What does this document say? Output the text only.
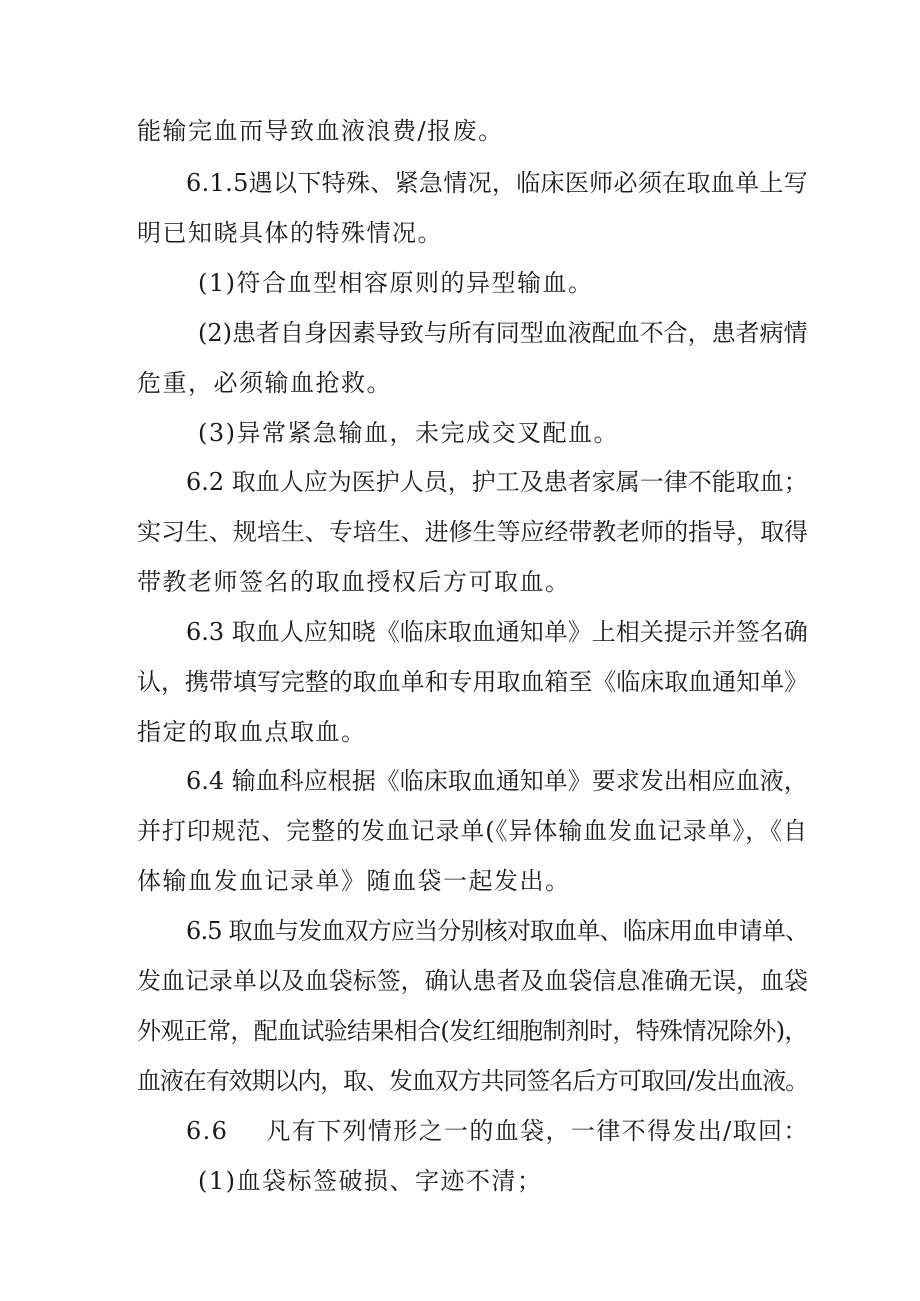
能输完血而导致血液浪费/报废。
6.1.5遇以下特殊、紧急情况，临床医师必须在取血单上写
明已知晓具体的特殊情况。
(1)符合血型相容原则的异型输血。
(2)患者自身因素导致与所有同型血液配血不合，患者病情
危重，必须输血抢救。
(3)异常紧急输血，未完成交叉配血。
6.2 取血人应为医护人员，护工及患者家属一律不能取血；
实习生、规培生、专培生、进修生等应经带教老师的指导，取得
带教老师签名的取血授权后方可取血。
6.3 取血人应知晓《临床取血通知单》上相关提示并签名确
认，携带填写完整的取血单和专用取血箱至《临床取血通知单》
指定的取血点取血。
6.4 输血科应根据《临床取血通知单》要求发出相应血液，
并打印规范、完整的发血记录单(《异体输血发血记录单》，《自
体输血发血记录单》随血袋一起发出。
6.5 取血与发血双方应当分别核对取血单、临床用血申请单、
发血记录单以及血袋标签，确认患者及血袋信息准确无误，血袋
外观正常，配血试验结果相合(发红细胞制剂时，特殊情况除外)，
血液在有效期以内，取、发血双方共同签名后方可取回/发出血液。
6.6 凡有下列情形之一的血袋，一律不得发出/取回：
(1)血袋标签破损、字迹不清；
